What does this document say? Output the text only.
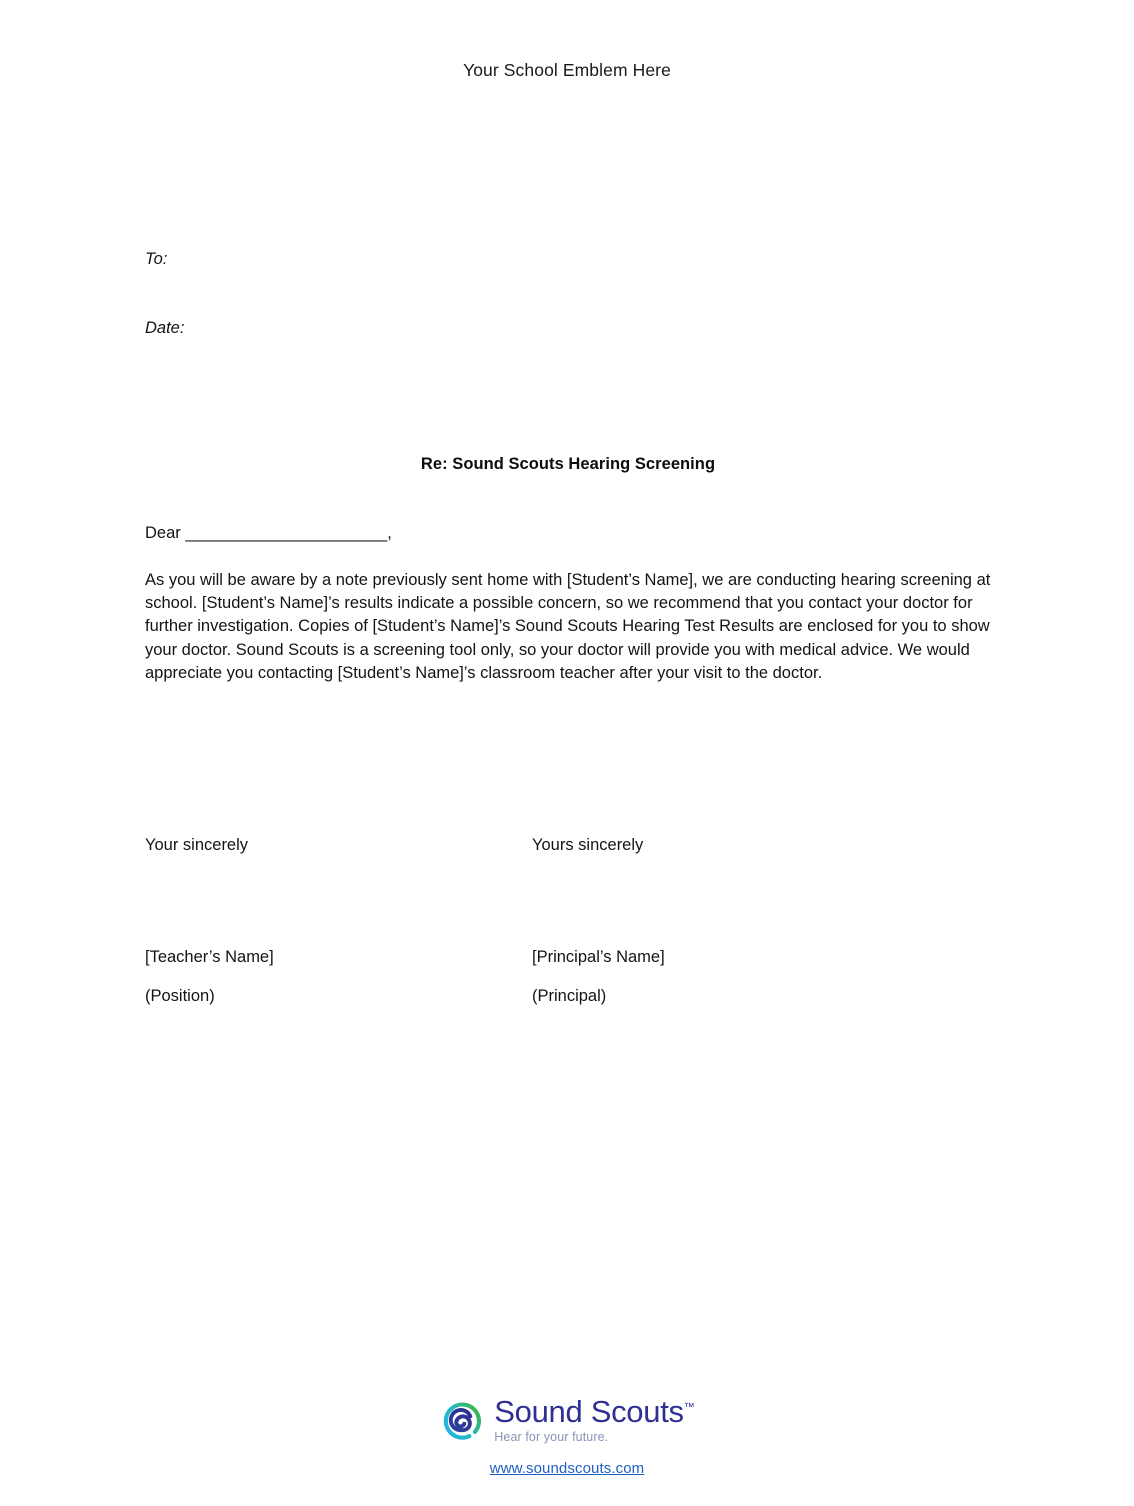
Your School Emblem Here
To:
Date:
Re: Sound Scouts Hearing Screening
Dear ______________________,
As you will be aware by a note previously sent home with [Student’s Name], we are conducting hearing screening at school. [Student’s Name]’s results indicate a possible concern, so we recommend that you contact your doctor for further investigation. Copies of [Student’s Name]’s Sound Scouts Hearing Test Results are enclosed for you to show your doctor. Sound Scouts is a screening tool only, so your doctor will provide you with medical advice. We would appreciate you contacting [Student’s Name]’s classroom teacher after your visit to the doctor.
Your sincerely
[Teacher’s Name]
(Position)
Yours sincerely
[Principal’s Name]
(Principal)
Sound Scouts™
Hear for your future.
www.soundscouts.com
